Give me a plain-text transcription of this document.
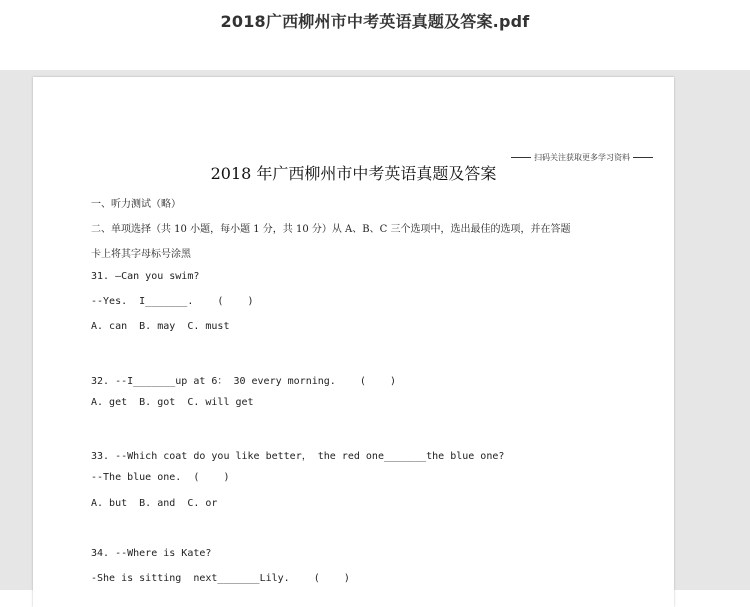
2018广西柳州市中考英语真题及答案.pdf
扫码关注获取更多学习资料
2018 年广西柳州市中考英语真题及答案
一、听力测试（略）
二、单项选择（共 10 小题，每小题 1 分，共 10 分）从 A、B、C 三个选项中，选出最佳的选项，并在答题
卡上将其字母标号涂黑
31. —Can you swim?
--Yes.  I_______.    (    )
A. can  B. may  C. must
32. --I_______up at 6： 30 every morning.    (    )
A. get  B. got  C. will get
33. --Which coat do you like better， the red one_______the blue one?
--The blue one.  (    )
A. but  B. and  C. or
34. --Where is Kate?
-She is sitting  next_______Lily.    (    )
